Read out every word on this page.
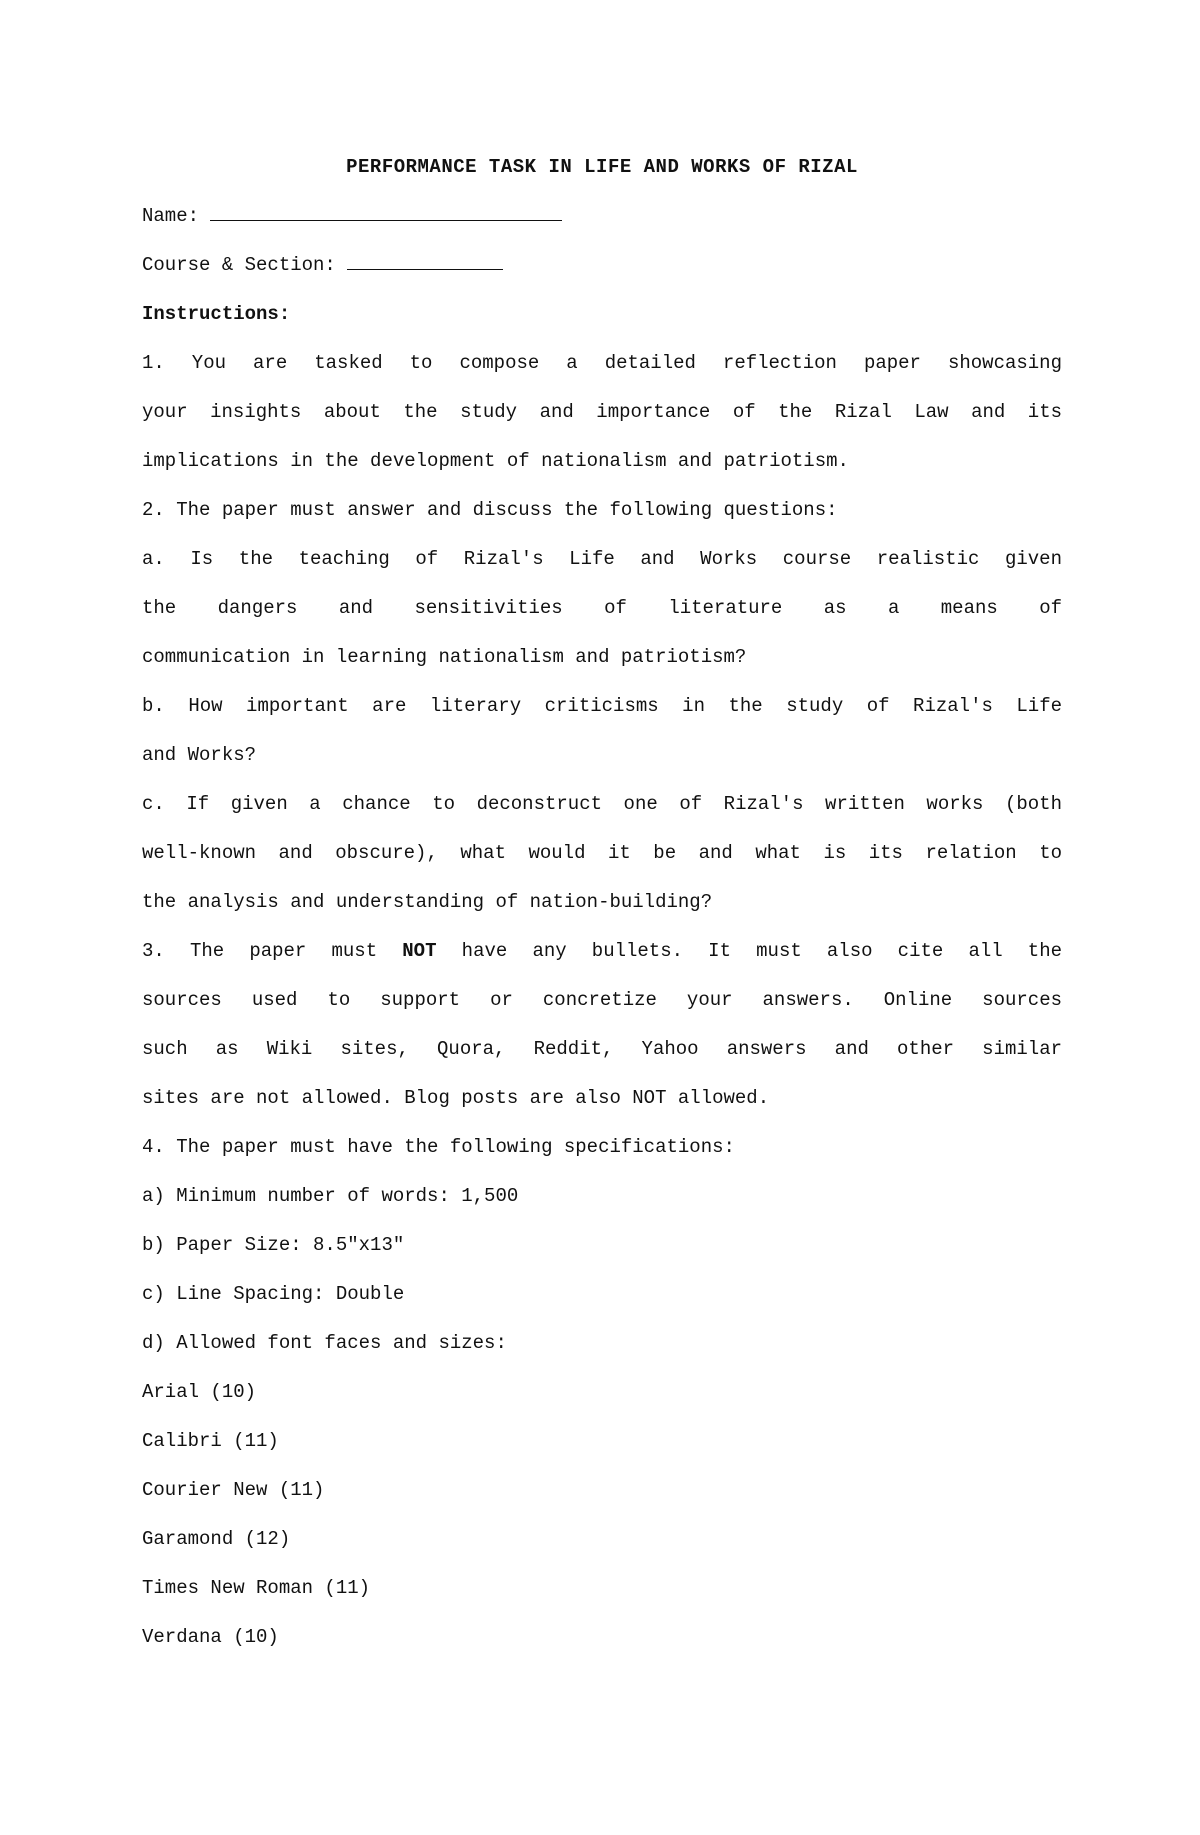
PERFORMANCE TASK IN LIFE AND WORKS OF RIZAL
Name:
Course & Section:
Instructions:
1. You are tasked to compose a detailed reflection paper showcasing
your insights about the study and importance of the Rizal Law and its
implications in the development of nationalism and patriotism.
2. The paper must answer and discuss the following questions:
a. Is the teaching of Rizal's Life and Works course realistic given
the dangers and sensitivities of literature as a means of
communication in learning nationalism and patriotism?
b. How important are literary criticisms in the study of Rizal's Life
and Works?
c. If given a chance to deconstruct one of Rizal's written works (both
well-known and obscure), what would it be and what is its relation to
the analysis and understanding of nation-building?
3. The paper must NOT have any bullets. It must also cite all the
sources used to support or concretize your answers. Online sources
such as Wiki sites, Quora, Reddit, Yahoo answers and other similar
sites are not allowed. Blog posts are also NOT allowed.
4. The paper must have the following specifications:
a) Minimum number of words: 1,500
b) Paper Size: 8.5"x13"
c) Line Spacing: Double
d) Allowed font faces and sizes:
Arial (10)
Calibri (11)
Courier New (11)
Garamond (12)
Times New Roman (11)
Verdana (10)
